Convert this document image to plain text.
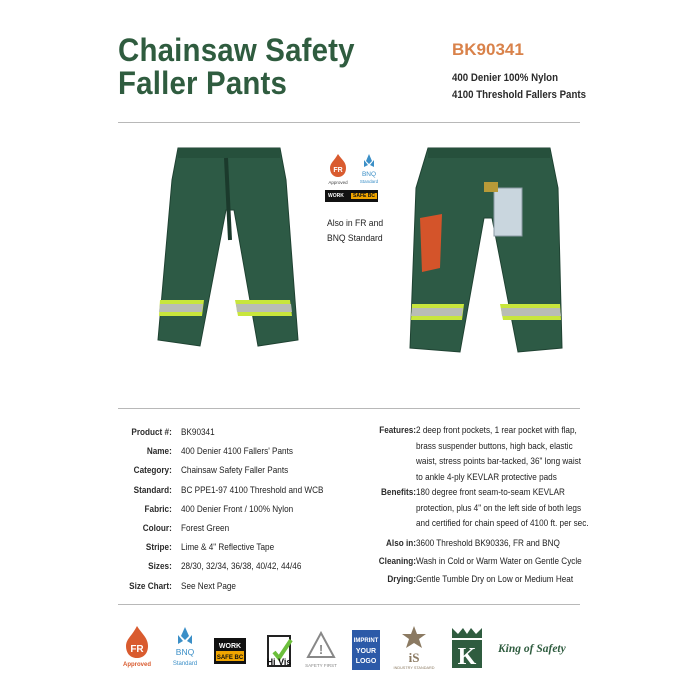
Chainsaw Safety
Faller Pants
BK90341
400 Denier 100% Nylon
4100 Threshold Fallers Pants
FR
Approved
BNQ
Standard
WORK	SAFE BC
Also in FR and
BNQ Standard
Product #:
Name:
Category:
Standard:
Fabric:
Colour:
Stripe:
Sizes:
Size Chart:
BK90341
400 Denier 4100 Fallers' Pants
Chainsaw Safety Faller Pants
BC PPE1-97 4100 Threshold and WCB
400 Denier Front / 100% Nylon
Forest Green
Lime & 4" Reflective Tape
28/30, 32/34, 36/38, 40/42, 44/46
See Next Page
Features:
Benefits:
Also in:
Cleaning:
Drying:
2 deep front pockets, 1 rear pocket with flap,
brass suspender buttons, high back, elastic
waist, stress points bar-tacked, 36" long waist
to ankle 4-ply KEVLAR protective pads
180 degree front seam-to-seam KEVLAR
protection, plus 4" on the left side of both legs
and certified for chain speed of 4100 ft. per sec.
3600 Threshold BK90336, FR and BNQ
Wash in Cold or Warm Water on Gentle Cycle
Gentle Tumble Dry on Low or Medium Heat
FR
Approved
BNQ
Standard
WORK
SAFE BC	Hi Vis
!
SAFETY FIRST
IMPRINT
YOUR
LOGO iS
INDUSTRY STANDARD K King of Safety
